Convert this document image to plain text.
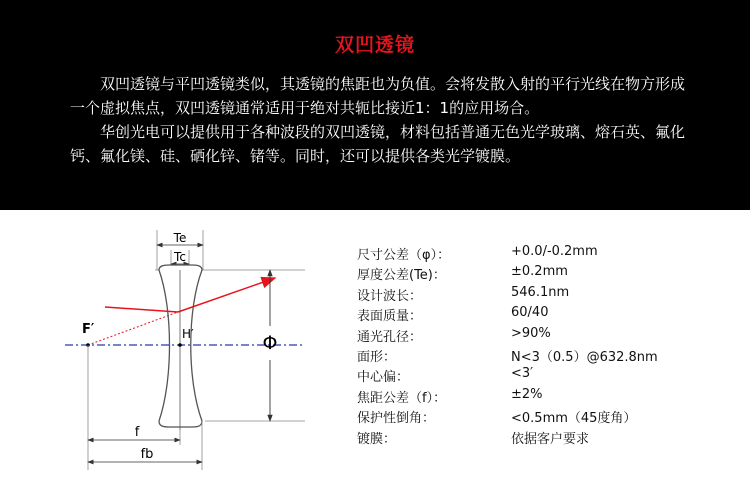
双凹透镜
双凹透镜与平凹透镜类似，其透镜的焦距也为负值。会将发散入射的平行光线在物方形成一个虚拟焦点，双凹透镜通常适用于绝对共轭比接近1：1的应用场合。
华创光电可以提供用于各种波段的双凹透镜，材料包括普通无色光学玻璃、熔石英、氟化钙、氟化镁、硅、硒化锌、锗等。同时，还可以提供各类光学镀膜。
Te
Tc
F′	H′	Φ
f
fb
尺寸公差（φ）：	+0.0/-0.2mm
厚度公差(Te)：	±0.2mm
设计波长：	546.1nm
表面质量：	60/40
通光孔径：	>90%
面形：	N<3（0.5）@632.8nm
中心偏：	<3′
焦距公差（f）：	±2%
保护性倒角：	<0.5mm（45度角）
镀膜：	依据客户要求
